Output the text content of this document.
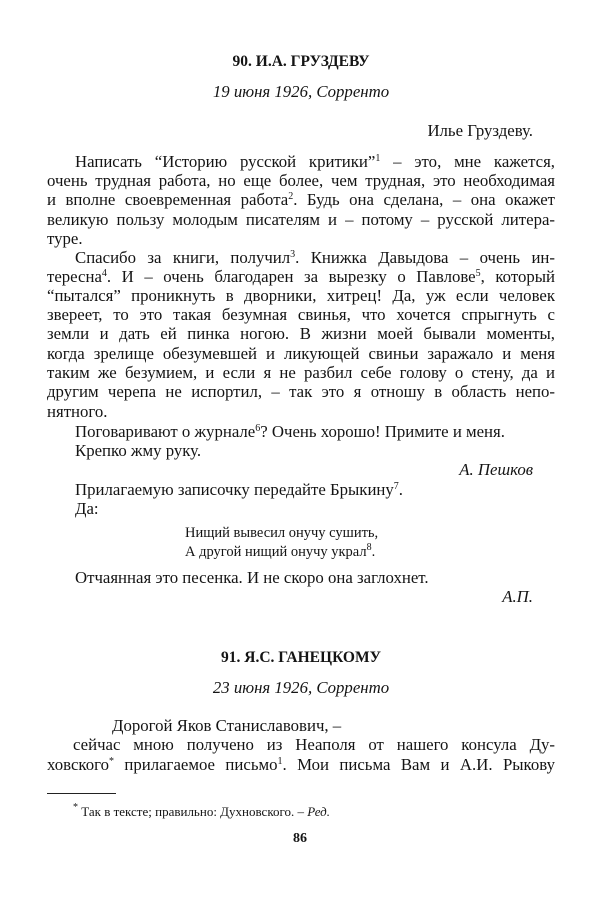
90. И.А. ГРУЗДЕВУ
19 июня 1926, Сорренто
Илье Груздеву.
Написать “Историю русской критики”$^1$ – это, мне кажется,
очень трудная работа, но еще более, чем трудная, это необходимая
и вполне своевременная работа$^2$. Будь она сделана, – она окажет
великую пользу молодым писателям и – потому – русской литера-
туре.
Спасибо за книги, получил$^3$. Книжка Давыдова – очень ин-
тересна$^4$. И – очень благодарен за вырезку о Павлове$^5$, который
“пытался” проникнуть в дворники, хитрец! Да, уж если человек
звереет, то это такая безумная свинья, что хочется спрыгнуть с
земли и дать ей пинка ногою. В жизни моей бывали моменты,
когда зрелище обезумевшей и ликующей свиньи заражало и меня
таким же безумием, и если я не разбил себе голову о стену, да и
другим черепа не испортил, – так это я отношу в область непо-
нятного.
Поговаривают о журнале$^6$? Очень хорошо! Примите и меня.
Крепко жму руку.
А. Пешков
Прилагаемую записочку передайте Брыкину$^7$.
Да:
Нищий вывесил онучу сушить,
А другой нищий онучу украл$^8$.
Отчаянная это песенка. И не скоро она заглохнет.
А.П.
91. Я.С. ГАНЕЦКОМУ
23 июня 1926, Сорренто
Дорогой Яков Станиславович, –
сейчас мною получено из Неаполя от нашего консула Ду-
ховского* прилагаемое письмо$^1$. Мои письма Вам и А.И. Рыкову
* Так в тексте; правильно: Духновского. – Ред.
86
